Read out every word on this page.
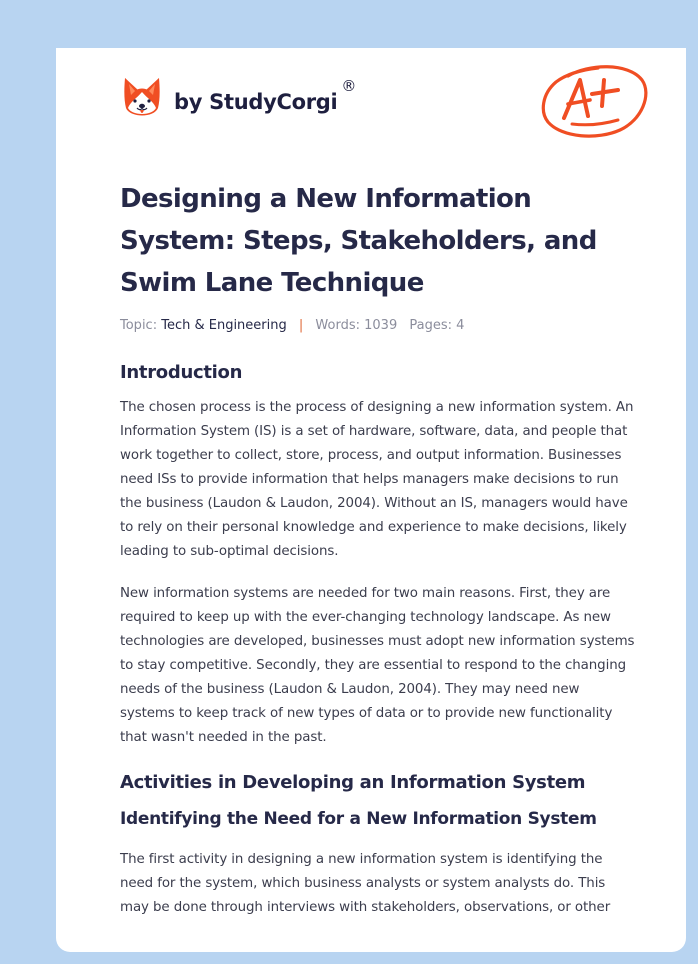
by StudyCorgi
®
Designing a New Information System: Steps, Stakeholders, and Swim Lane Technique
Topic: Tech & Engineering | Words: 1039 Pages: 4
Introduction

The chosen process is the process of designing a new information system. An Information System (IS) is a set of hardware, software, data, and people that work together to collect, store, process, and output information. Businesses need ISs to provide information that helps managers make decisions to run the business (Laudon & Laudon, 2004). Without an IS, managers would have to rely on their personal knowledge and experience to make decisions, likely leading to sub-optimal decisions.

New information systems are needed for two main reasons. First, they are required to keep up with the ever-changing technology landscape. As new technologies are developed, businesses must adopt new information systems to stay competitive. Secondly, they are essential to respond to the changing needs of the business (Laudon & Laudon, 2004). They may need new systems to keep track of new types of data or to provide new functionality that wasn't needed in the past.

Activities in Developing an Information System
Identifying the Need for a New Information System

The first activity in designing a new information system is identifying the need for the system, which business analysts or system analysts do. This may be done through interviews with stakeholders, observations, or other
